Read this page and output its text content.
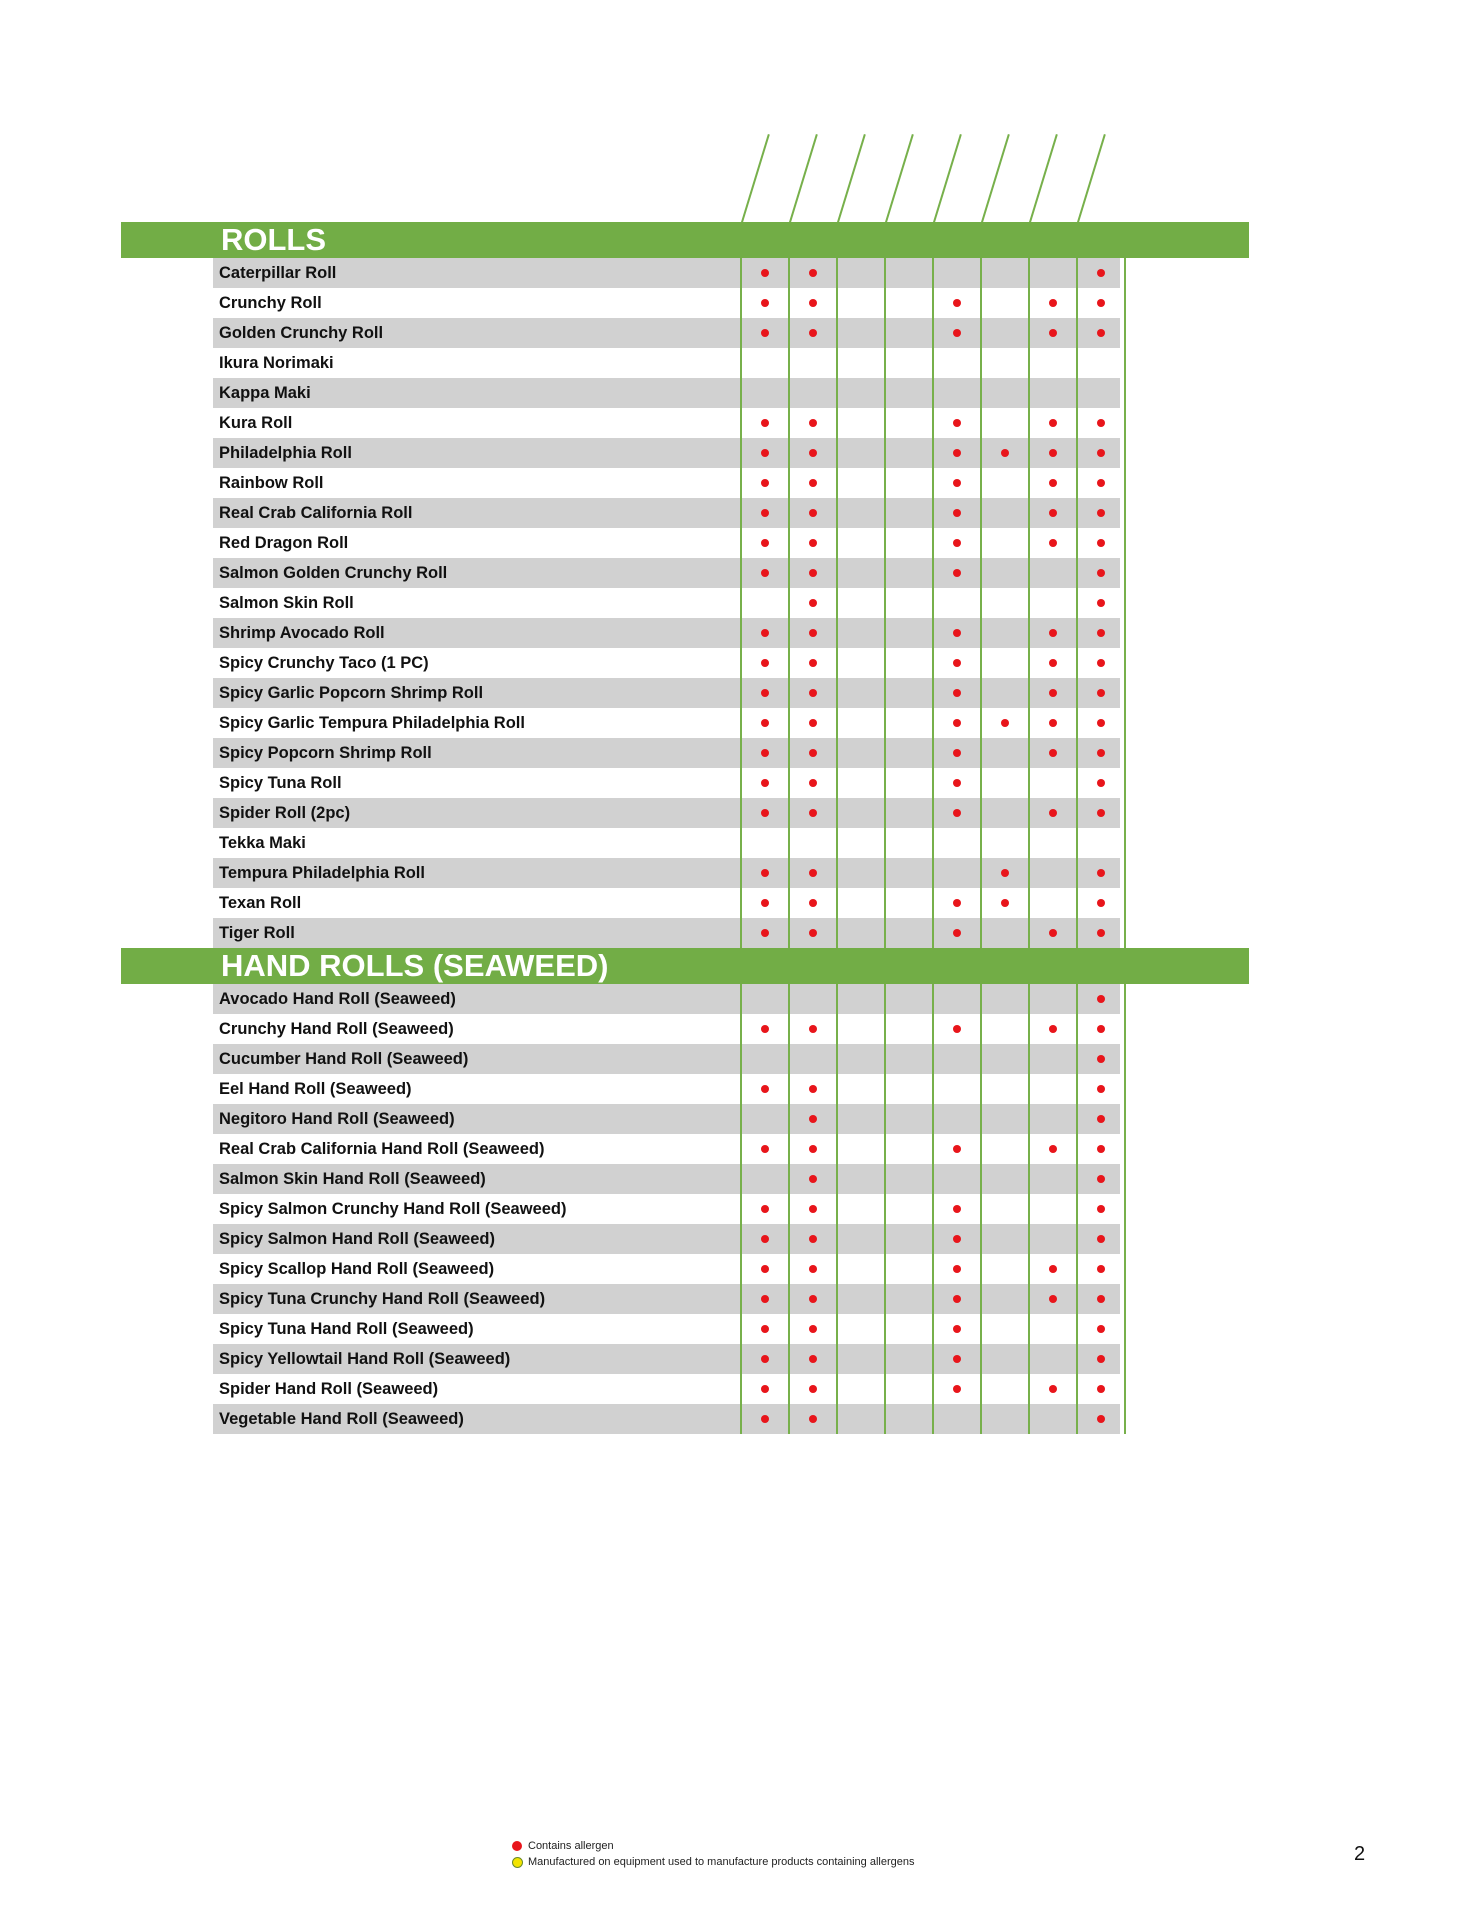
ROLLS
Caterpillar Roll
Crunchy Roll
Golden Crunchy Roll
Ikura Norimaki
Kappa Maki
Kura Roll
Philadelphia Roll
Rainbow Roll
Real Crab California Roll
Red Dragon Roll
Salmon Golden Crunchy Roll
Salmon Skin Roll
Shrimp Avocado Roll
Spicy Crunchy Taco (1 PC)
Spicy Garlic Popcorn Shrimp Roll
Spicy Garlic Tempura Philadelphia Roll
Spicy Popcorn Shrimp Roll
Spicy Tuna Roll
Spider Roll (2pc)
Tekka Maki
Tempura Philadelphia Roll
Texan Roll
Tiger Roll
HAND ROLLS (SEAWEED)
Avocado Hand Roll (Seaweed)
Crunchy Hand Roll (Seaweed)
Cucumber Hand Roll (Seaweed)
Eel Hand Roll (Seaweed)
Negitoro Hand Roll (Seaweed)
Real Crab California Hand Roll (Seaweed)
Salmon Skin Hand Roll (Seaweed)
Spicy Salmon Crunchy Hand Roll (Seaweed)
Spicy Salmon Hand Roll (Seaweed)
Spicy Scallop Hand Roll (Seaweed)
Spicy Tuna Crunchy Hand Roll (Seaweed)
Spicy Tuna Hand Roll (Seaweed)
Spicy Yellowtail Hand Roll (Seaweed)
Spider Hand Roll (Seaweed)
Vegetable Hand Roll (Seaweed)
Contains allergen
Manufactured on equipment used to manufacture products containing allergens	2
